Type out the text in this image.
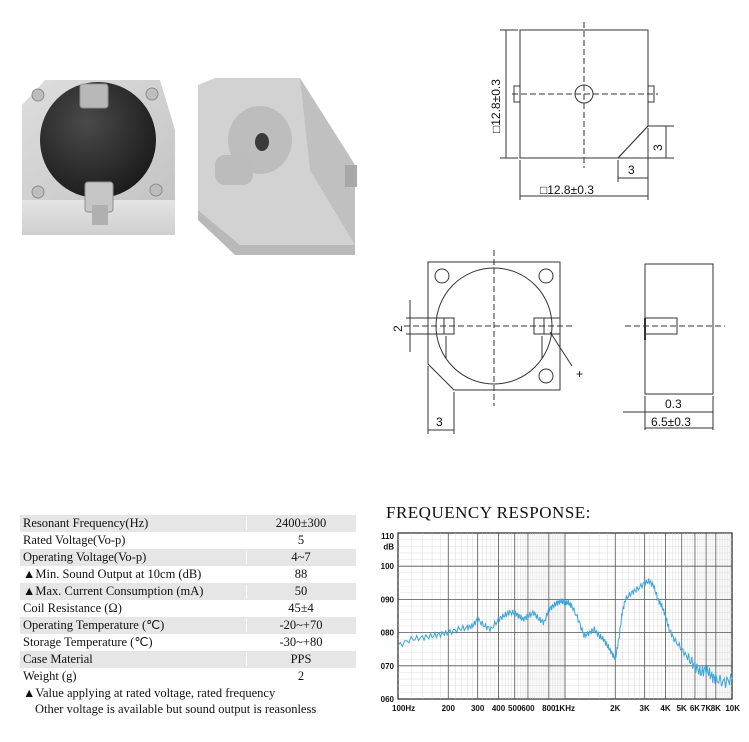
□12.8±0.3
3
3
□12.8±0.3
2
3
+
0.3
6.5±0.3
Resonant Frequency(Hz)	2400±300
Rated Voltage(Vo-p)	5
Operating Voltage(Vo-p)	4~7
▲Min. Sound Output at 10cm (dB)	88
▲Max. Current Consumption (mA)	50
Coil Resistance (Ω)	45±4
Operating Temperature (℃)	-20~+70
Storage Temperature (℃)	-30~+80
Case Material	PPS
Weight (g)	2
▲Value applying at rated voltage, rated frequency
Other voltage is available but sound output is reasonless
FREQUENCY RESPONSE:
110
100
090
080
070
060
dB
100Hz	200 300 400 500 600 800 1KHz	2K 3K 4K 5K 6K 7K 8K 10K
